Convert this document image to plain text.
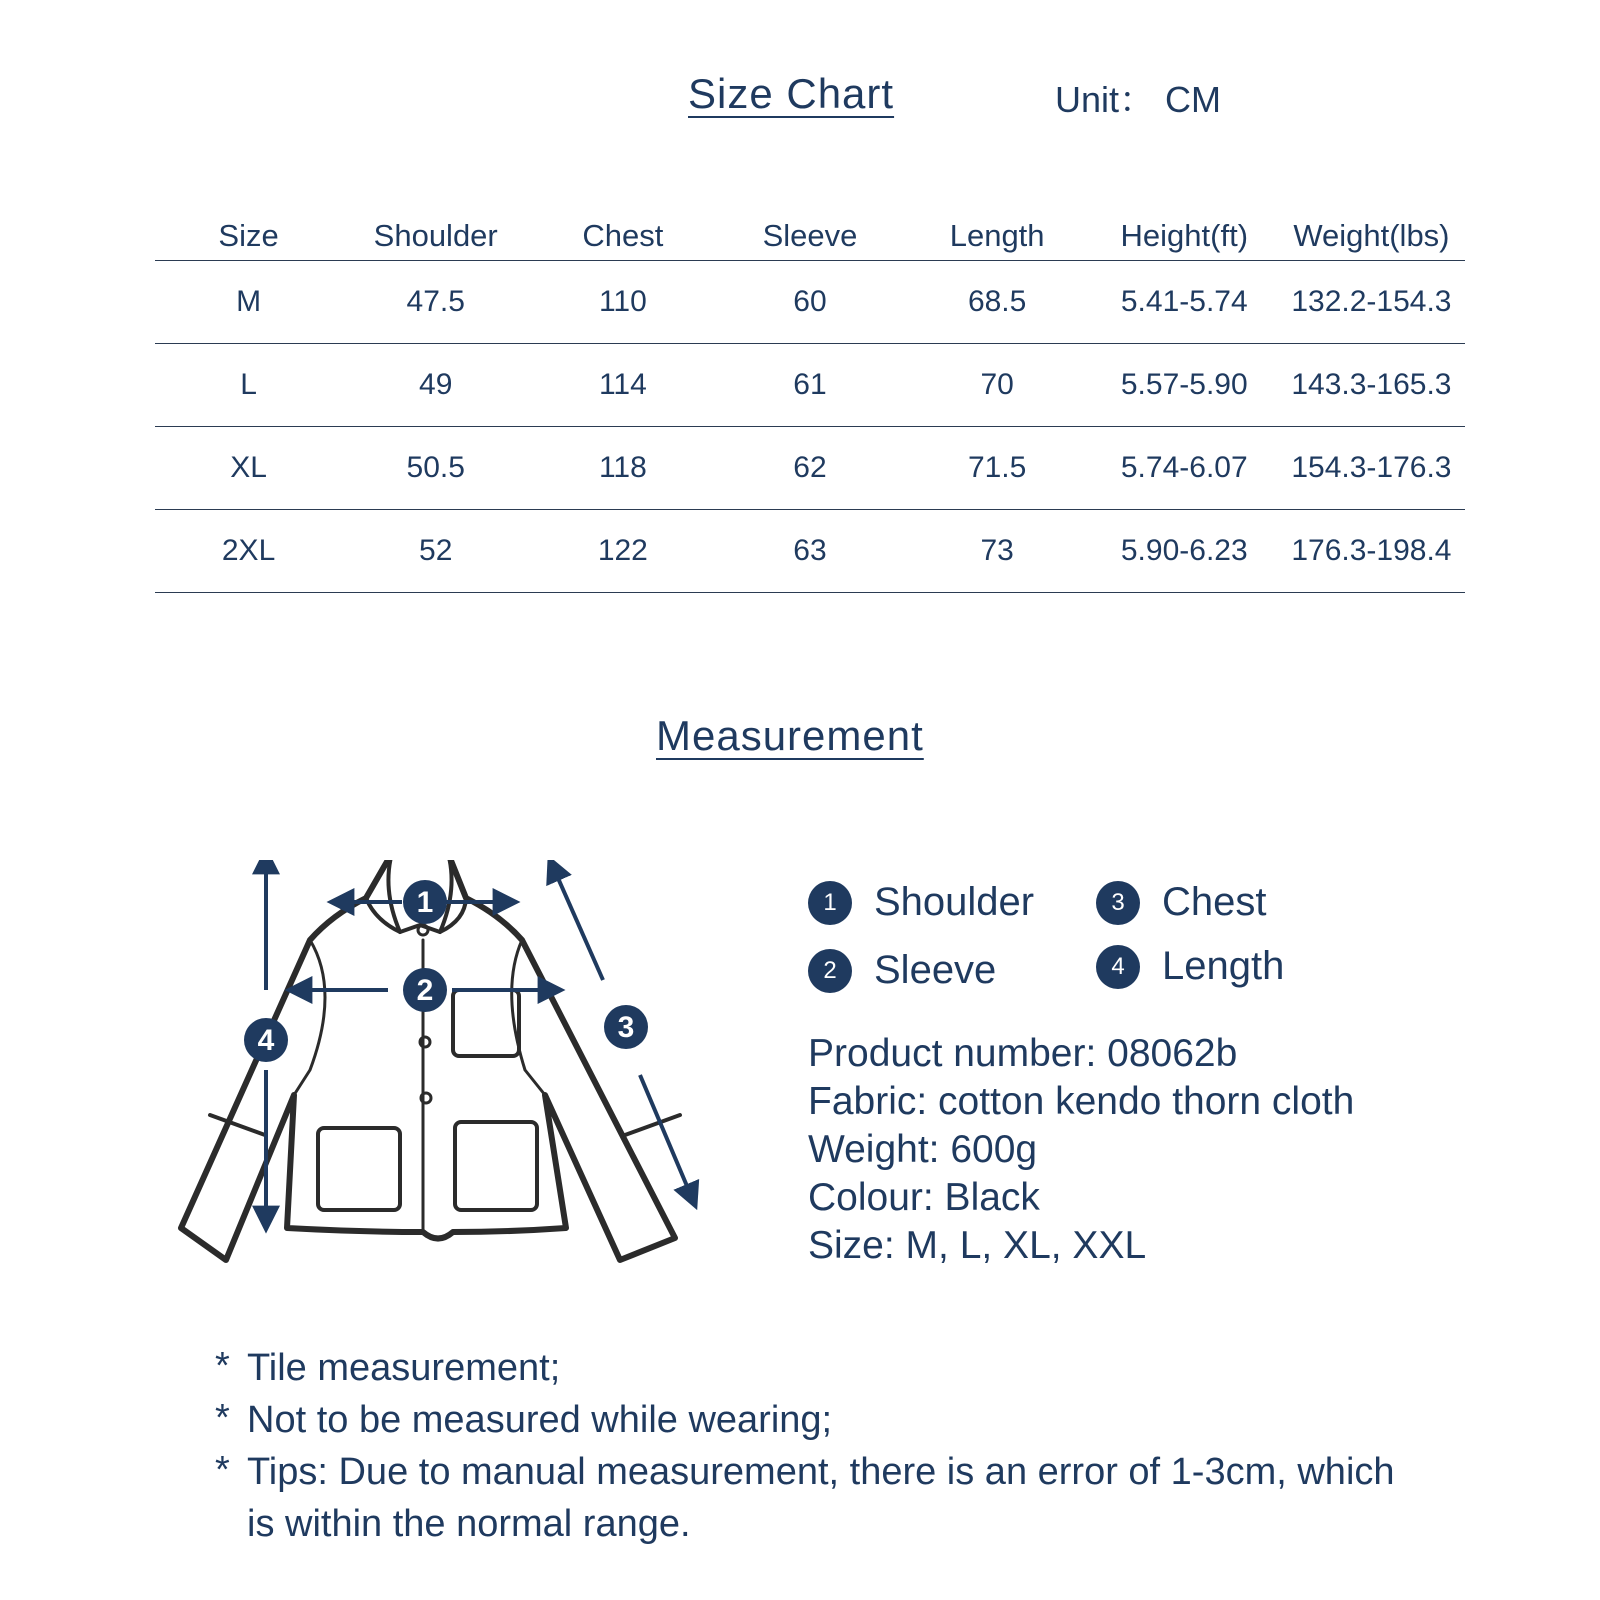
Size Chart	Unit： CM
Size	Shoulder	Chest	Sleeve	Length	Height(ft)	Weight(lbs)
M	47.5	110	60	68.5	5.41-5.74	132.2-154.3
L	49	114	61	70	5.57-5.90	143.3-165.3
XL	50.5	118	62	71.5	5.74-6.07	154.3-176.3
2XL	52	122	63	73	5.90-6.23	176.3-198.4
Measurement
1
2
3
4
1 Shoulder	3 Chest
2 Sleeve	4 Length
Product number: 08062b
Fabric: cotton kendo thorn cloth
Weight: 600g
Colour: Black
Size: M, L, XL, XXL
* Tile measurement;
* Not to be measured while wearing;
* Tips: Due to manual measurement, there is an error of 1-3cm, which is within the normal range.
